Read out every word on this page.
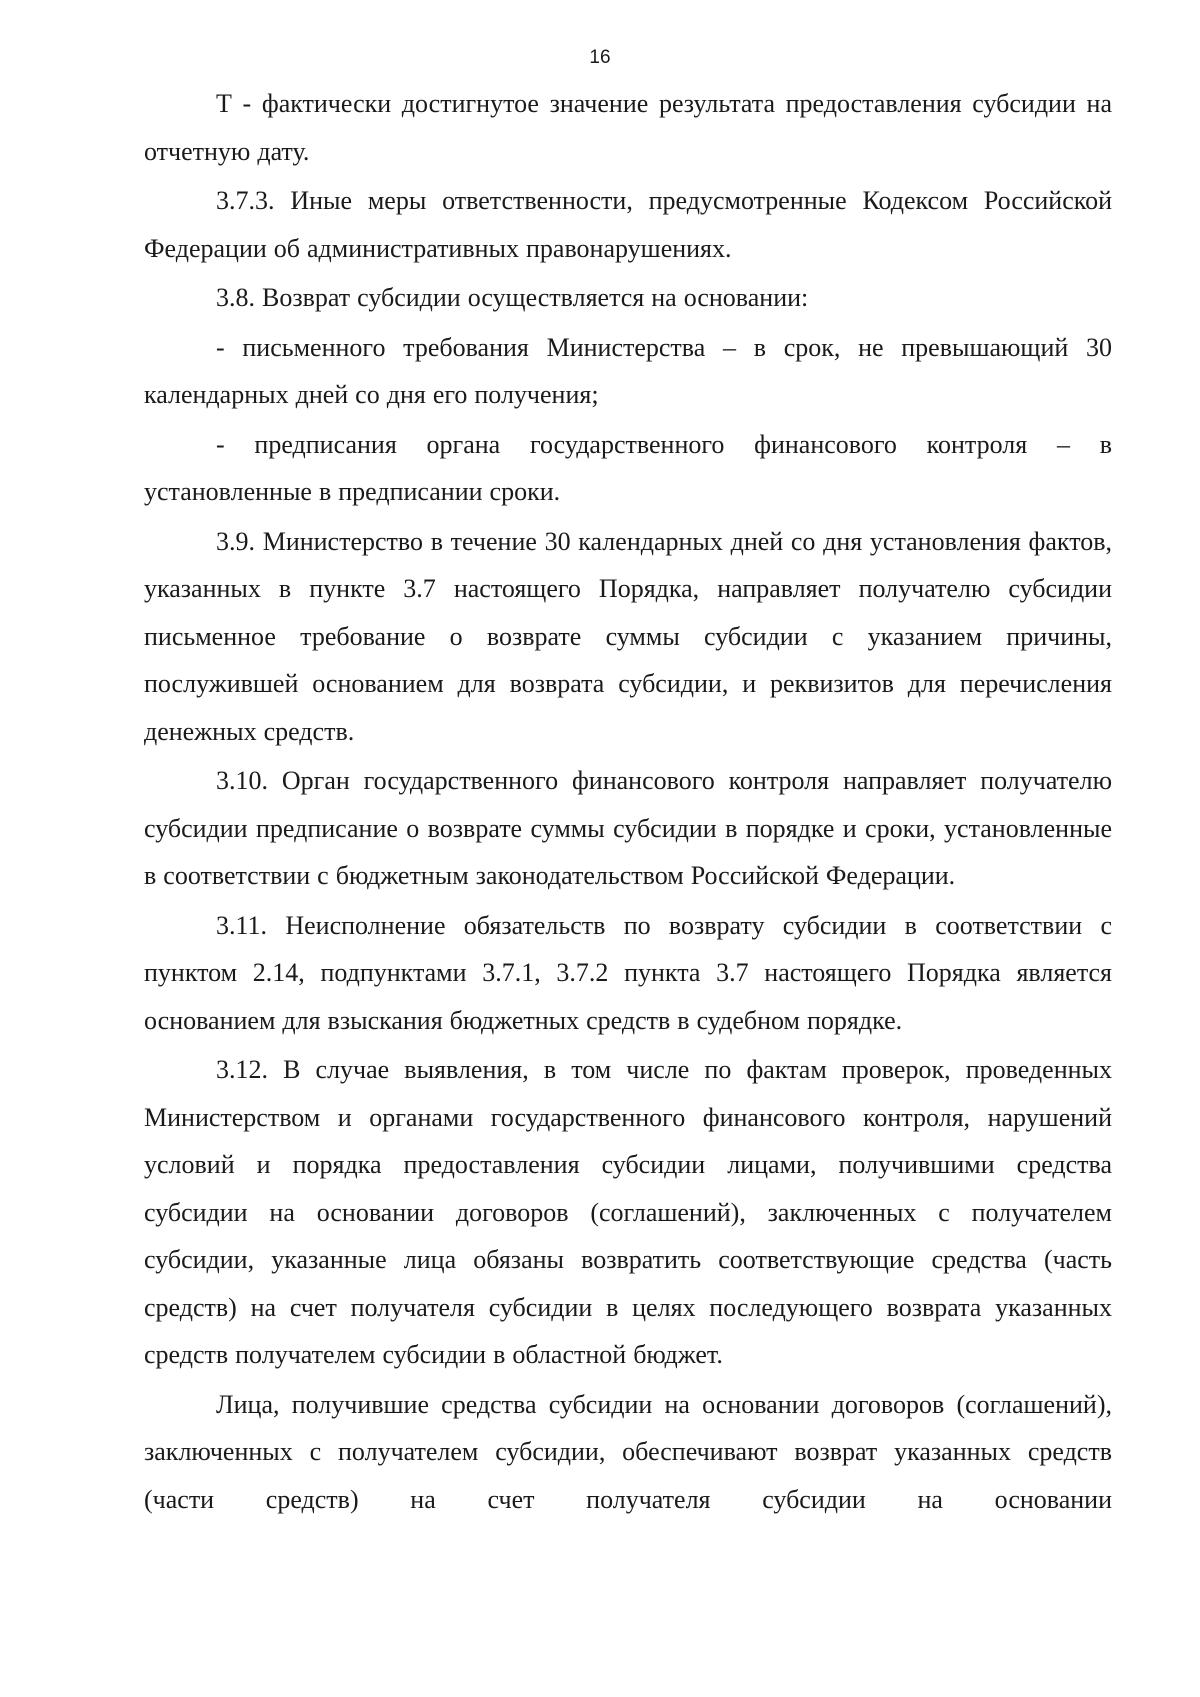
16

Т - фактически достигнутое значение результата предоставления субсидии на отчетную дату.

3.7.3. Иные меры ответственности, предусмотренные Кодексом Российской Федерации об административных правонарушениях.

3.8. Возврат субсидии осуществляется на основании:

- письменного требования Министерства – в срок, не превышающий 30 календарных дней со дня его получения;

- предписания органа государственного финансового контроля – в установленные в предписании сроки.

3.9. Министерство в течение 30 календарных дней со дня установления фактов, указанных в пункте 3.7 настоящего Порядка, направляет получателю субсидии письменное требование о возврате суммы субсидии с указанием причины, послужившей основанием для возврата субсидии, и реквизитов для перечисления денежных средств.

3.10. Орган государственного финансового контроля направляет получателю субсидии предписание о возврате суммы субсидии в порядке и сроки, установленные в соответствии с бюджетным законодательством Российской Федерации.

3.11. Неисполнение обязательств по возврату субсидии в соответствии с пунктом 2.14, подпунктами 3.7.1, 3.7.2 пункта 3.7 настоящего Порядка является основанием для взыскания бюджетных средств в судебном порядке.

3.12. В случае выявления, в том числе по фактам проверок, проведенных Министерством и органами государственного финансового контроля, нарушений условий и порядка предоставления субсидии лицами, получившими средства субсидии на основании договоров (соглашений), заключенных с получателем субсидии, указанные лица обязаны возвратить соответствующие средства (часть средств) на счет получателя субсидии в целях последующего возврата указанных средств получателем субсидии в областной бюджет.

Лица, получившие средства субсидии на основании договоров (соглашений), заключенных с получателем субсидии, обеспечивают возврат указанных средств (части средств) на счет получателя субсидии на основании
